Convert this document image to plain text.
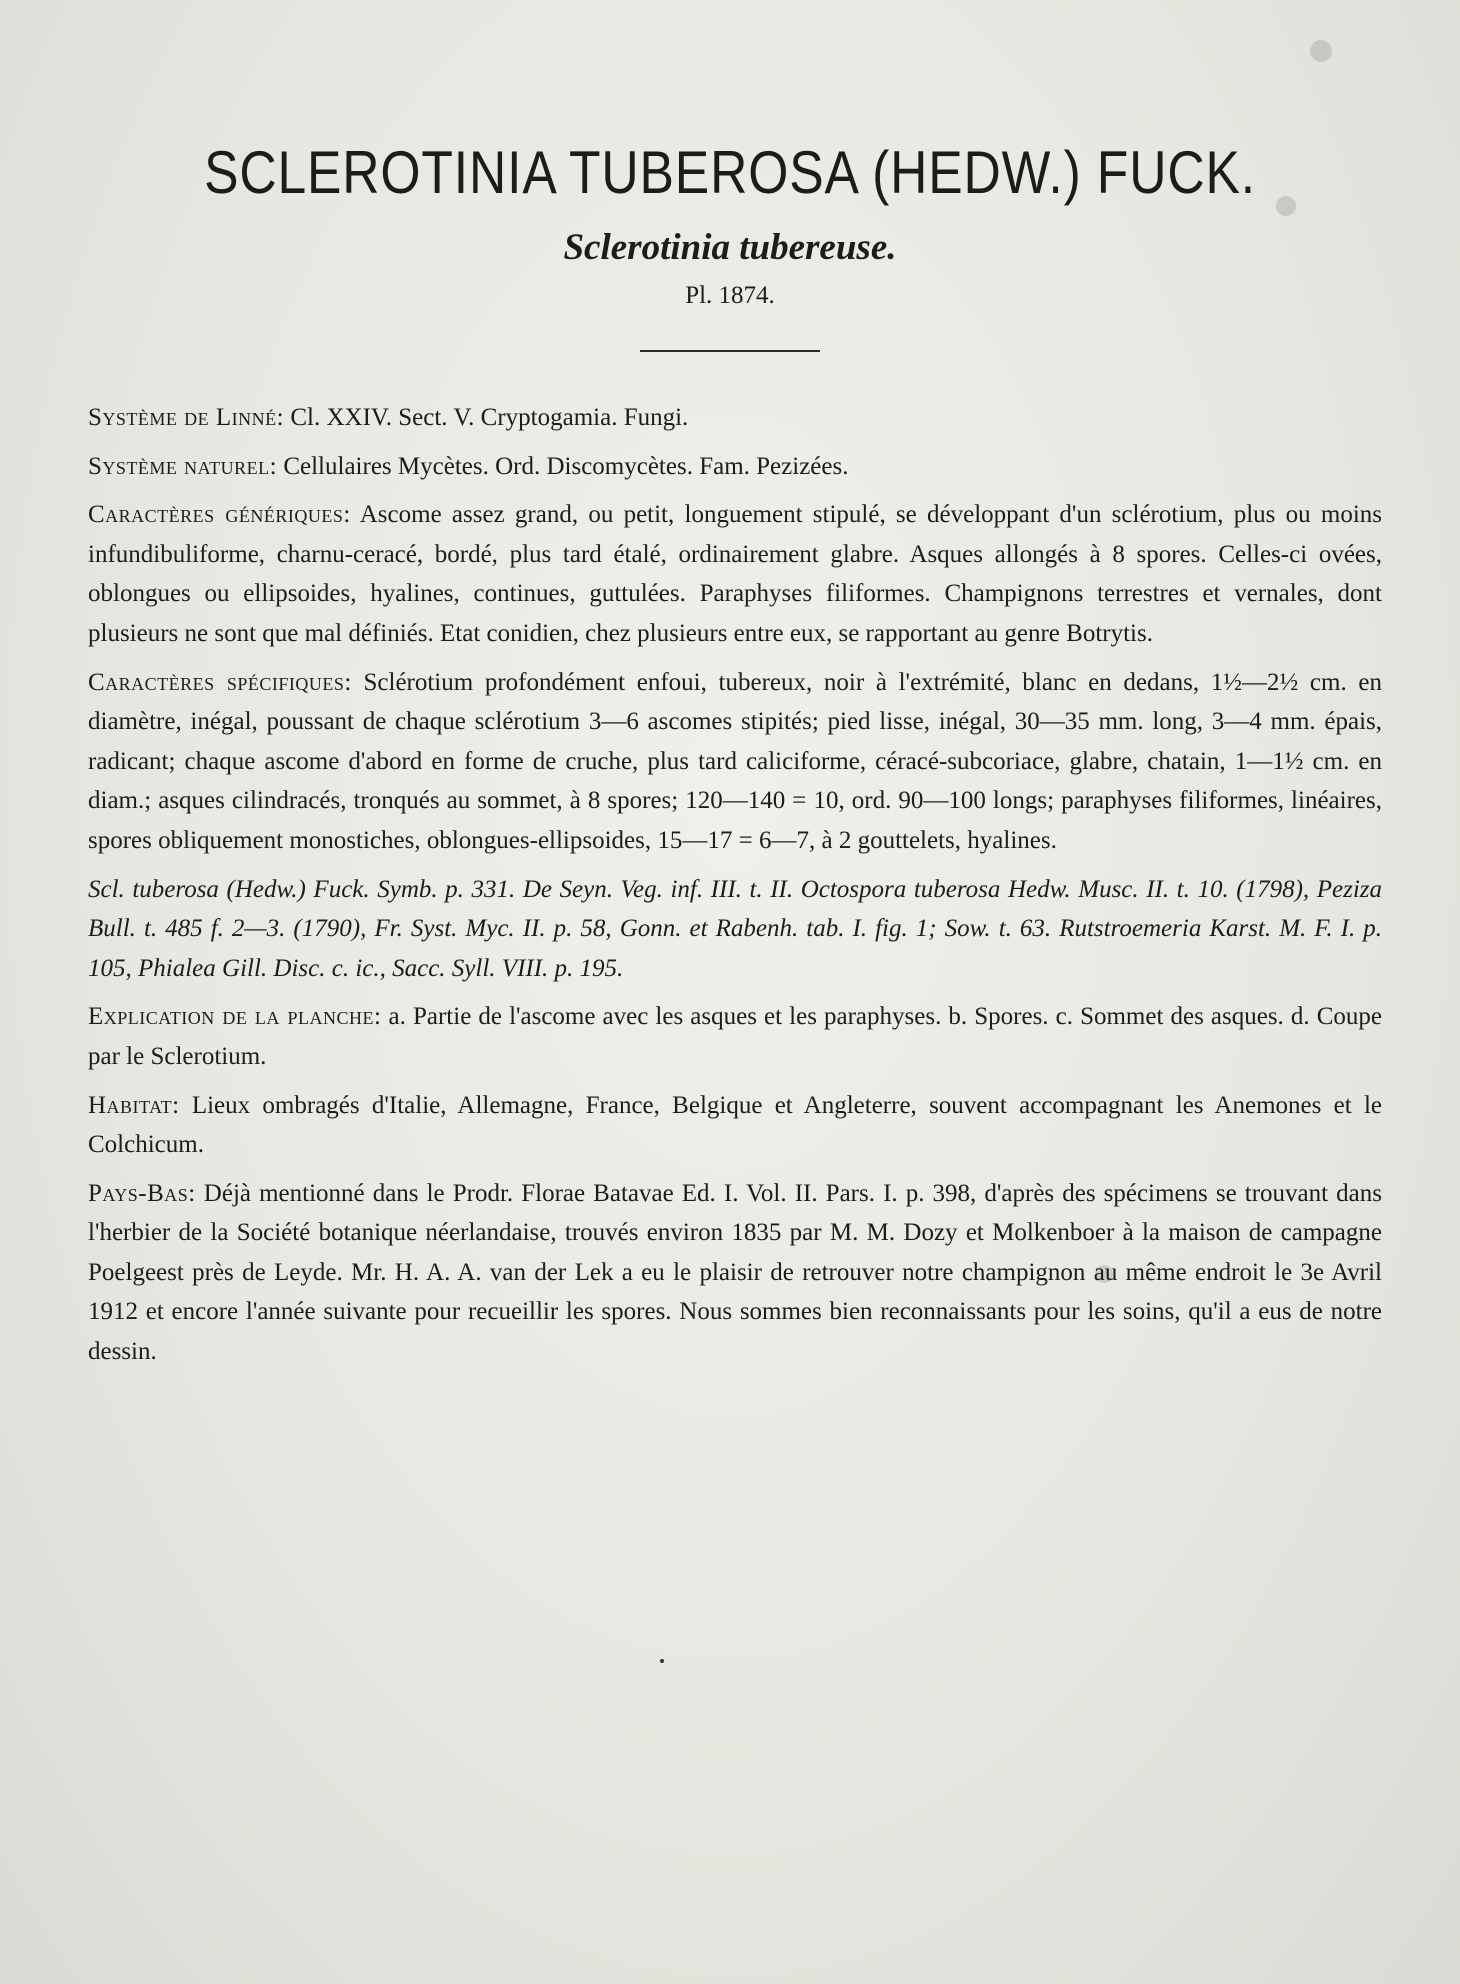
SCLEROTINIA TUBEROSA (HEDW.) FUCK.
Sclerotinia tubereuse.
Pl. 1874.

Système de Linné: Cl. XXIV. Sect. V. Cryptogamia. Fungi.

Système naturel: Cellulaires Mycètes. Ord. Discomycètes. Fam. Pezizées.

Caractères génériques: Ascome assez grand, ou petit, longuement stipulé, se développant d'un sclérotium, plus ou moins infundibuliforme, charnu-ceracé, bordé, plus tard étalé, ordinairement glabre. Asques allongés à 8 spores. Celles-ci ovées, oblongues ou ellipsoides, hyalines, continues, guttulées. Paraphyses filiformes. Champignons terrestres et vernales, dont plusieurs ne sont que mal définiés. Etat conidien, chez plusieurs entre eux, se rapportant au genre Botrytis.

Caractères spécifiques: Sclérotium profondément enfoui, tubereux, noir à l'extrémité, blanc en dedans, 1½—2½ cm. en diamètre, inégal, poussant de chaque sclérotium 3—6 ascomes stipités; pied lisse, inégal, 30—35 mm. long, 3—4 mm. épais, radicant; chaque ascome d'abord en forme de cruche, plus tard caliciforme, céracé-subcoriace, glabre, chatain, 1—1½ cm. en diam.; asques cilindracés, tronqués au sommet, à 8 spores; 120—140 = 10, ord. 90—100 longs; paraphyses filiformes, linéaires, spores obliquement monostiches, oblongues-ellipsoides, 15—17 = 6—7, à 2 gouttelets, hyalines.

Scl. tuberosa (Hedw.) Fuck. Symb. p. 331. De Seyn. Veg. inf. III. t. II. Octospora tuberosa Hedw. Musc. II. t. 10. (1798), Peziza Bull. t. 485 f. 2—3. (1790), Fr. Syst. Myc. II. p. 58, Gonn. et Rabenh. tab. I. fig. 1; Sow. t. 63. Rutstroemeria Karst. M. F. I. p. 105, Phialea Gill. Disc. c. ic., Sacc. Syll. VIII. p. 195.

Explication de la planche: a. Partie de l'ascome avec les asques et les paraphyses. b. Spores. c. Sommet des asques. d. Coupe par le Sclerotium.

Habitat: Lieux ombragés d'Italie, Allemagne, France, Belgique et Angleterre, souvent accompagnant les Anemones et le Colchicum.

Pays-Bas: Déjà mentionné dans le Prodr. Florae Batavae Ed. I. Vol. II. Pars. I. p. 398, d'après des spécimens se trouvant dans l'herbier de la Société botanique néerlandaise, trouvés environ 1835 par M. M. Dozy et Molkenboer à la maison de campagne Poelgeest près de Leyde. Mr. H. A. A. van der Lek a eu le plaisir de retrouver notre champignon au même endroit le 3e Avril 1912 et encore l'année suivante pour recueillir les spores. Nous sommes bien reconnaissants pour les soins, qu'il a eus de notre dessin.
